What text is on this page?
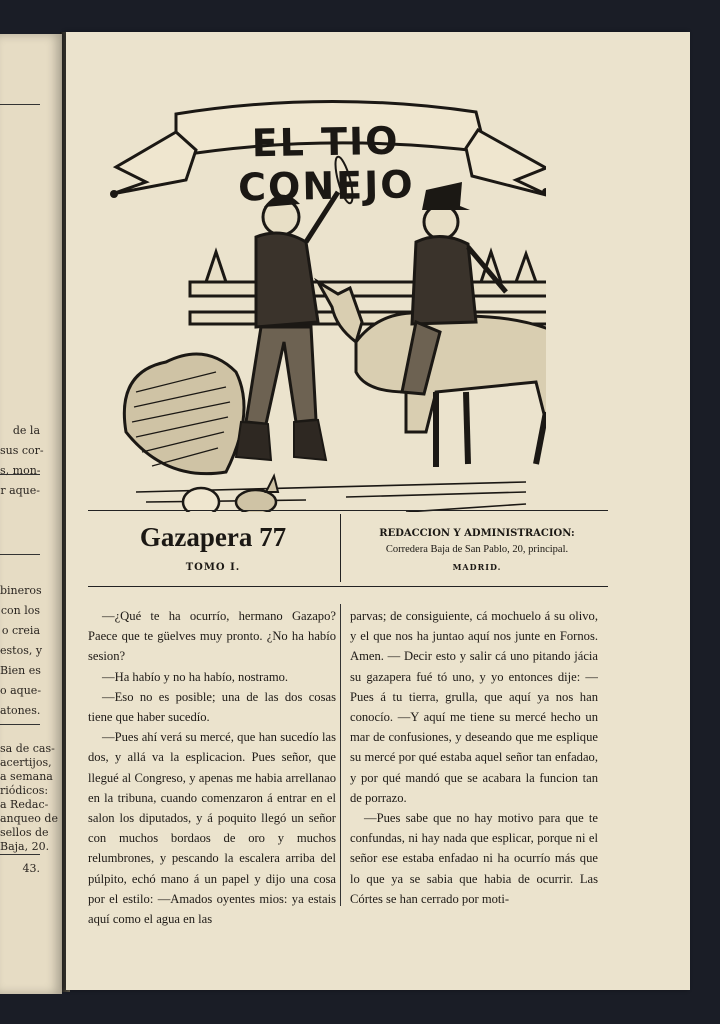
de la
sus cor-
s, mon-
r aque-
bineros
con los
o creia
estos, y
Bien es
o aque-
atones.
sa de cas-
acertijos,
a semana
riódicos:
a Redac-
anqueo de
sellos de
Baja, 20.
43.
EL TIO CONEJO
Gazapera 77
TOMO I.
REDACCION Y ADMINISTRACION:
Corredera Baja de San Pablo, 20, principal.
MADRID.

—¿Qué te ha ocurrío, hermano Gazapo? Paece que te güelves muy pronto. ¿No ha habío sesion?

—Ha habío y no ha habío, nostramo.

—Eso no es posible; una de las dos cosas tiene que haber sucedío.

—Pues ahí verá su mercé, que han sucedío las dos, y allá va la esplicacion. Pues señor, que llegué al Congreso, y apenas me habia arrellanao en la tribuna, cuando comenzaron á entrar en el salon los diputados, y á poquito llegó un señor con muchos bordaos de oro y muchos relumbrones, y pescando la escalera arriba del púlpito, echó mano á un papel y dijo una cosa por el estilo: —Amados oyentes mios: ya estais aquí como el agua en las

parvas; de consiguiente, cá mochuelo á su olivo, y el que nos ha juntao aquí nos junte en Fornos. Amen. — Decir esto y salir cá uno pitando jácia su gazapera fué tó uno, y yo entonces dije: —Pues á tu tierra, grulla, que aquí ya nos han conocío. —Y aquí me tiene su mercé hecho un mar de confusiones, y deseando que me esplique su mercé por qué estaba aquel señor tan enfadao, y por qué mandó que se acabara la funcion tan de porrazo.

—Pues sabe que no hay motivo para que te confundas, ni hay nada que esplicar, porque ni el señor ese estaba enfadao ni ha ocurrío más que lo que ya se sabia que habia de ocurrir. Las Córtes se han cerrado por moti-
